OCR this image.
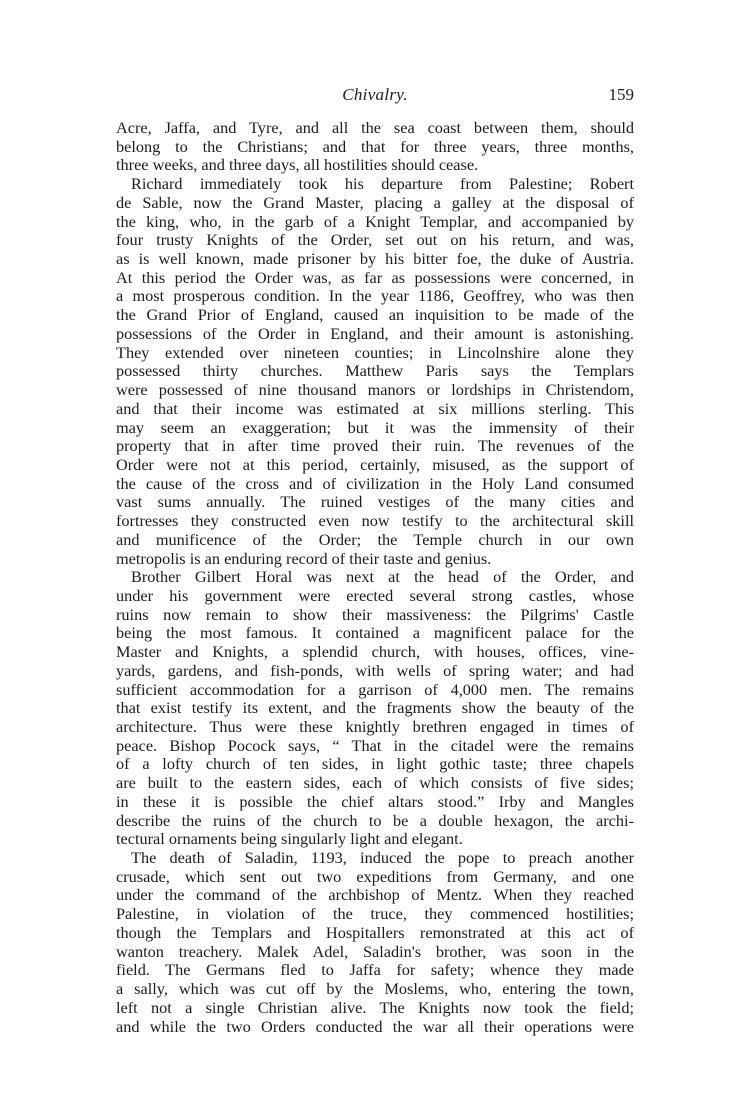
Chivalry.	159
Acre, Jaffa, and Tyre, and all the sea coast between them, should
belong to the Christians; and that for three years, three months,
three weeks, and three days, all hostilities should cease.
Richard immediately took his departure from Palestine; Robert
de Sable, now the Grand Master, placing a galley at the disposal of
the king, who, in the garb of a Knight Templar, and accompanied by
four trusty Knights of the Order, set out on his return, and was,
as is well known, made prisoner by his bitter foe, the duke of Austria.
At this period the Order was, as far as possessions were concerned, in
a most prosperous condition. In the year 1186, Geoffrey, who was then
the Grand Prior of England, caused an inquisition to be made of the
possessions of the Order in England, and their amount is astonishing.
They extended over nineteen counties; in Lincolnshire alone they
possessed thirty churches. Matthew Paris says the Templars
were possessed of nine thousand manors or lordships in Christendom,
and that their income was estimated at six millions sterling. This
may seem an exaggeration; but it was the immensity of their
property that in after time proved their ruin. The revenues of the
Order were not at this period, certainly, misused, as the support of
the cause of the cross and of civilization in the Holy Land consumed
vast sums annually. The ruined vestiges of the many cities and
fortresses they constructed even now testify to the architectural skill
and munificence of the Order; the Temple church in our own
metropolis is an enduring record of their taste and genius.
Brother Gilbert Horal was next at the head of the Order, and
under his government were erected several strong castles, whose
ruins now remain to show their massiveness: the Pilgrims' Castle
being the most famous. It contained a magnificent palace for the
Master and Knights, a splendid church, with houses, offices, vine-
yards, gardens, and fish-ponds, with wells of spring water; and had
sufficient accommodation for a garrison of 4,000 men. The remains
that exist testify its extent, and the fragments show the beauty of the
architecture. Thus were these knightly brethren engaged in times of
peace. Bishop Pocock says, “ That in the citadel were the remains
of a lofty church of ten sides, in light gothic taste; three chapels
are built to the eastern sides, each of which consists of five sides;
in these it is possible the chief altars stood.” Irby and Mangles
describe the ruins of the church to be a double hexagon, the archi-
tectural ornaments being singularly light and elegant.
The death of Saladin, 1193, induced the pope to preach another
crusade, which sent out two expeditions from Germany, and one
under the command of the archbishop of Mentz. When they reached
Palestine, in violation of the truce, they commenced hostilities;
though the Templars and Hospitallers remonstrated at this act of
wanton treachery. Malek Adel, Saladin's brother, was soon in the
field. The Germans fled to Jaffa for safety; whence they made
a sally, which was cut off by the Moslems, who, entering the town,
left not a single Christian alive. The Knights now took the field;
and while the two Orders conducted the war all their operations were
